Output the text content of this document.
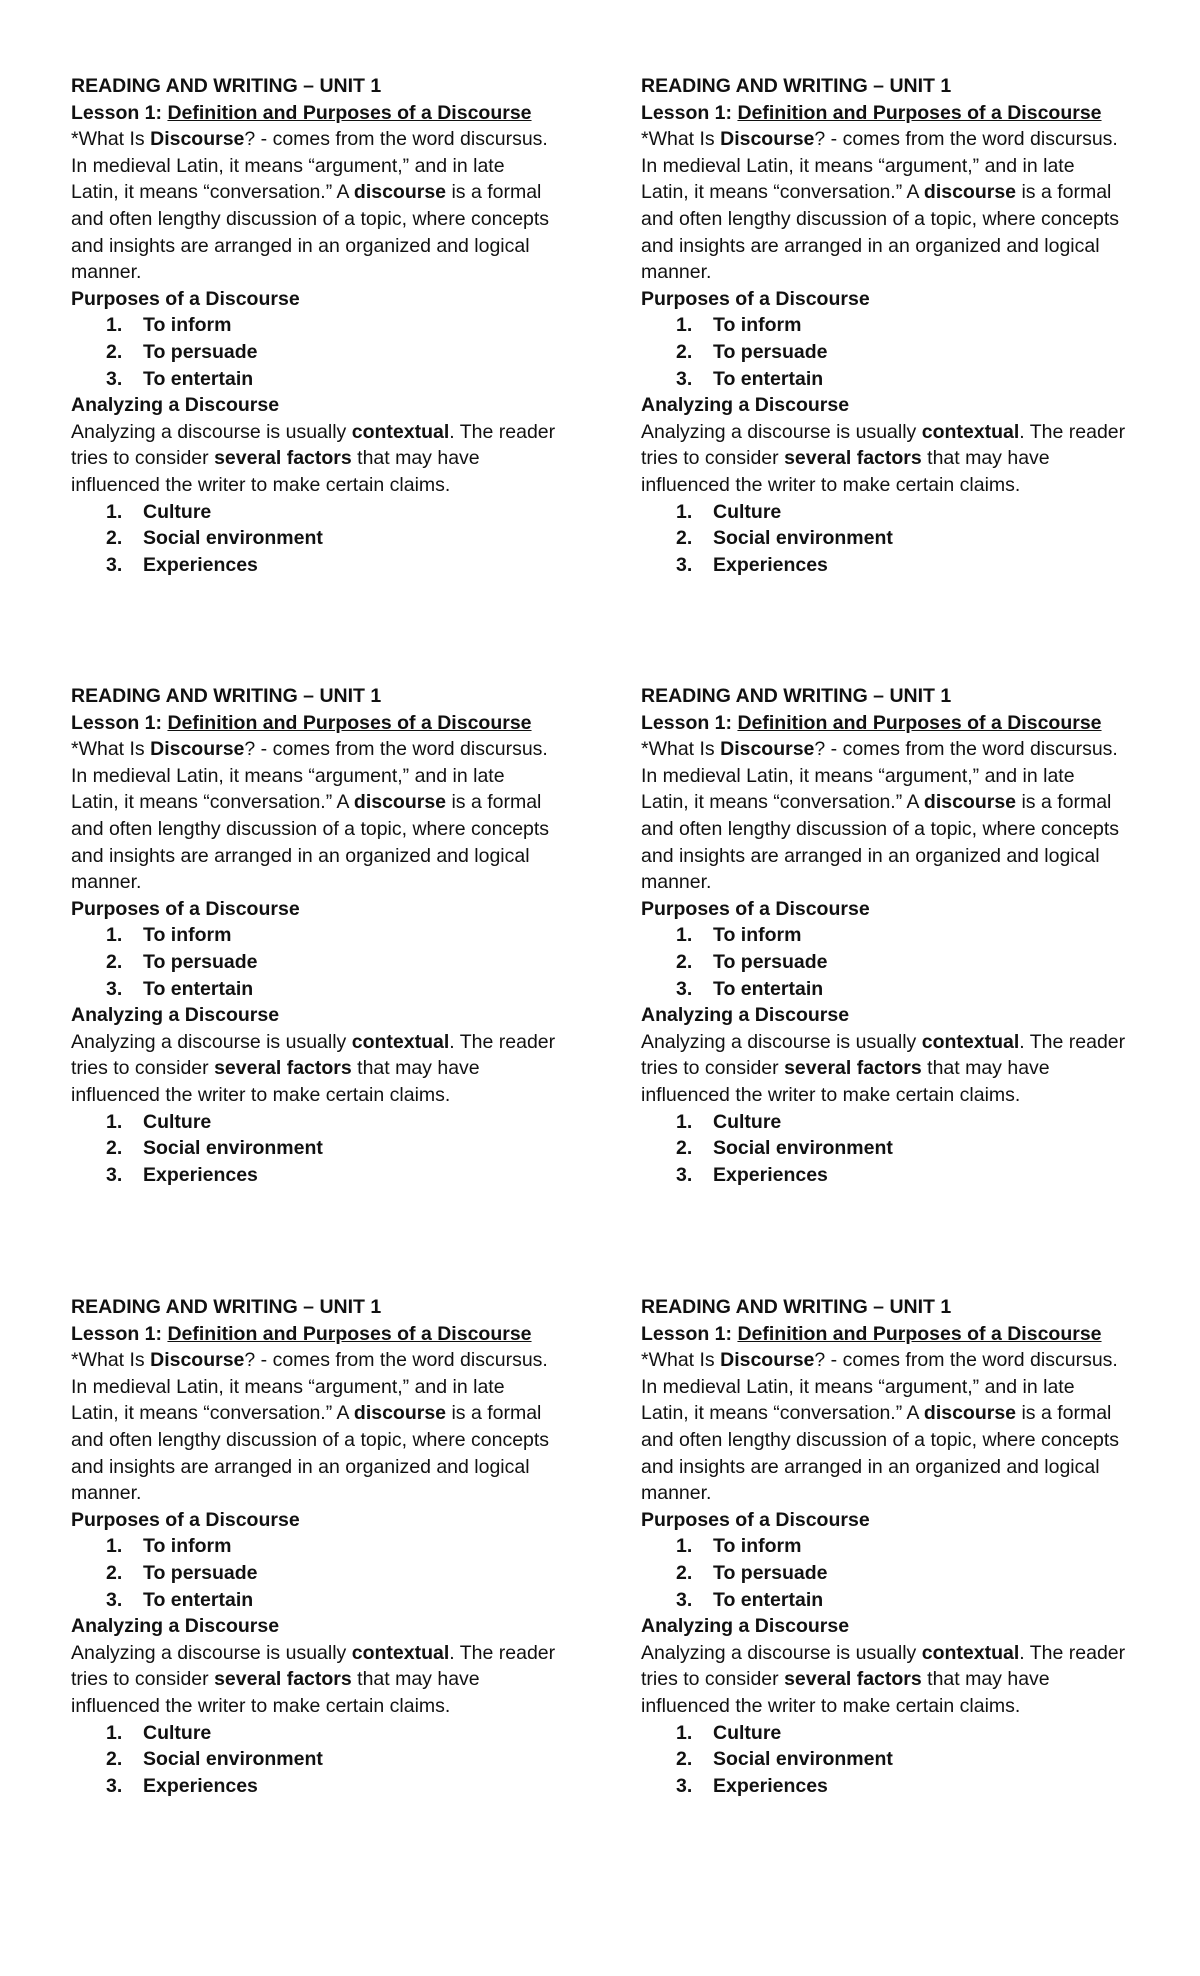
READING AND WRITING – UNIT 1

Lesson 1: Definition and Purposes of a Discourse

*What Is Discourse? - comes from the word discursus.
In medieval Latin, it means “argument,” and in late
Latin, it means “conversation.” A discourse is a formal
and often lengthy discussion of a topic, where concepts
and insights are arranged in an organized and logical
manner.

Purposes of a Discourse

1. To inform
2. To persuade
3. To entertain

Analyzing a Discourse

Analyzing a discourse is usually contextual. The reader
tries to consider several factors that may have
influenced the writer to make certain claims.

1. Culture
2. Social environment
3. Experiences

READING AND WRITING – UNIT 1

Lesson 1: Definition and Purposes of a Discourse

*What Is Discourse? - comes from the word discursus.
In medieval Latin, it means “argument,” and in late
Latin, it means “conversation.” A discourse is a formal
and often lengthy discussion of a topic, where concepts
and insights are arranged in an organized and logical
manner.

Purposes of a Discourse

1. To inform
2. To persuade
3. To entertain

Analyzing a Discourse

Analyzing a discourse is usually contextual. The reader
tries to consider several factors that may have
influenced the writer to make certain claims.

1. Culture
2. Social environment
3. Experiences

READING AND WRITING – UNIT 1

Lesson 1: Definition and Purposes of a Discourse

*What Is Discourse? - comes from the word discursus.
In medieval Latin, it means “argument,” and in late
Latin, it means “conversation.” A discourse is a formal
and often lengthy discussion of a topic, where concepts
and insights are arranged in an organized and logical
manner.

Purposes of a Discourse

1. To inform
2. To persuade
3. To entertain

Analyzing a Discourse

Analyzing a discourse is usually contextual. The reader
tries to consider several factors that may have
influenced the writer to make certain claims.

1. Culture
2. Social environment
3. Experiences

READING AND WRITING – UNIT 1

Lesson 1: Definition and Purposes of a Discourse

*What Is Discourse? - comes from the word discursus.
In medieval Latin, it means “argument,” and in late
Latin, it means “conversation.” A discourse is a formal
and often lengthy discussion of a topic, where concepts
and insights are arranged in an organized and logical
manner.

Purposes of a Discourse

1. To inform
2. To persuade
3. To entertain

Analyzing a Discourse

Analyzing a discourse is usually contextual. The reader
tries to consider several factors that may have
influenced the writer to make certain claims.

1. Culture
2. Social environment
3. Experiences

READING AND WRITING – UNIT 1

Lesson 1: Definition and Purposes of a Discourse

*What Is Discourse? - comes from the word discursus.
In medieval Latin, it means “argument,” and in late
Latin, it means “conversation.” A discourse is a formal
and often lengthy discussion of a topic, where concepts
and insights are arranged in an organized and logical
manner.

Purposes of a Discourse

1. To inform
2. To persuade
3. To entertain

Analyzing a Discourse

Analyzing a discourse is usually contextual. The reader
tries to consider several factors that may have
influenced the writer to make certain claims.

1. Culture
2. Social environment
3. Experiences

READING AND WRITING – UNIT 1

Lesson 1: Definition and Purposes of a Discourse

*What Is Discourse? - comes from the word discursus.
In medieval Latin, it means “argument,” and in late
Latin, it means “conversation.” A discourse is a formal
and often lengthy discussion of a topic, where concepts
and insights are arranged in an organized and logical
manner.

Purposes of a Discourse

1. To inform
2. To persuade
3. To entertain

Analyzing a Discourse

Analyzing a discourse is usually contextual. The reader
tries to consider several factors that may have
influenced the writer to make certain claims.

1. Culture
2. Social environment
3. Experiences
